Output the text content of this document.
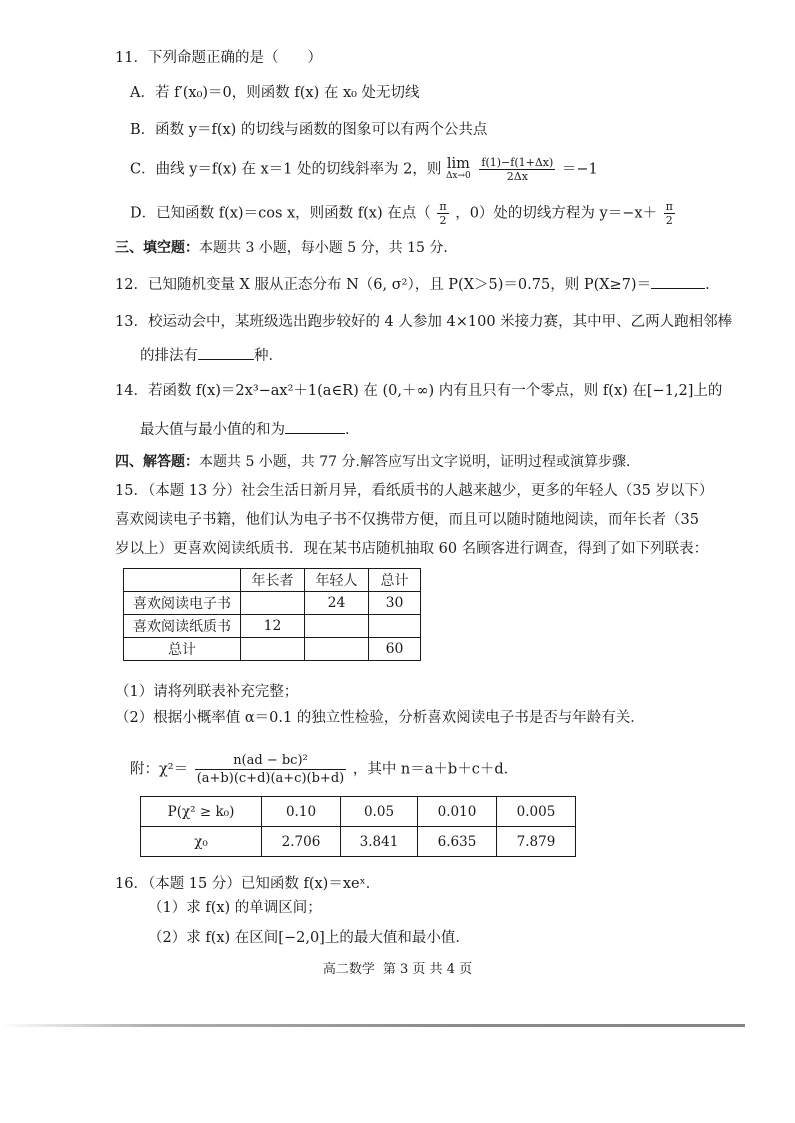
11．下列命题正确的是（　　）
A．若 f′(x₀)＝0，则函数 f(x) 在 x₀ 处无切线
B．函数 y＝f(x) 的切线与函数的图象可以有两个公共点
C．曲线 y＝f(x) 在 x＝1 处的切线斜率为 2，则 lim
Δx→0
$\frac{f(1)-f(1+\Delta x)}{2\Delta x} =-1$
D．已知函数 f(x)＝cos x，则函数 f(x) 在点（ $\frac{\pi}{2}$ ，0）处的切线方程为 $y=-x+ \frac{\pi}{2}$
三、填空题：本题共 3 小题，每小题 5 分，共 15 分．
12．已知随机变量 X 服从正态分布 N（6, σ²），且 P(X＞5)＝0.75，则 P(X≥7)＝	．
13．校运动会中，某班级选出跑步较好的 4 人参加 4×100 米接力赛，其中甲、乙两人跑相邻棒
的排法有	种．
14．若函数 f(x)＝2x³−ax²＋1(a∈R) 在 (0,＋∞) 内有且只有一个零点，则 f(x) 在[−1,2]上的
最大值与最小值的和为	．
四、解答题：本题共 5 小题，共 77 分.解答应写出文字说明，证明过程或演算步骤．
15．（本题 13 分）社会生活日新月异，看纸质书的人越来越少，更多的年轻人（35 岁以下）
喜欢阅读电子书籍，他们认为电子书不仅携带方便，而且可以随时随地阅读，而年长者（35
岁以上）更喜欢阅读纸质书．现在某书店随机抽取 60 名顾客进行调查，得到了如下列联表：
	年长者	年轻人	总计
喜欢阅读电子书		24	30
喜欢阅读纸质书	12		
总计			60
（1）请将列联表补充完整；
（2）根据小概率值 α＝0.1 的独立性检验，分析喜欢阅读电子书是否与年龄有关．
附：$\chi^2= \frac{\text{n(ad − bc)²}}{(a+b)(c+d)(a+c)(b+d)}$ ，其中 n＝a＋b＋c＋d．
P(χ² ≥ k₀)	0.10	0.05	0.010	0.005
χ₀	2.706	3.841	6.635	7.879
16．（本题 15 分）已知函数 f(x)＝xeˣ．
（1）求 f(x) 的单调区间；
（2）求 f(x) 在区间[−2,0]上的最大值和最小值．
高二数学 第 3 页 共 4 页
